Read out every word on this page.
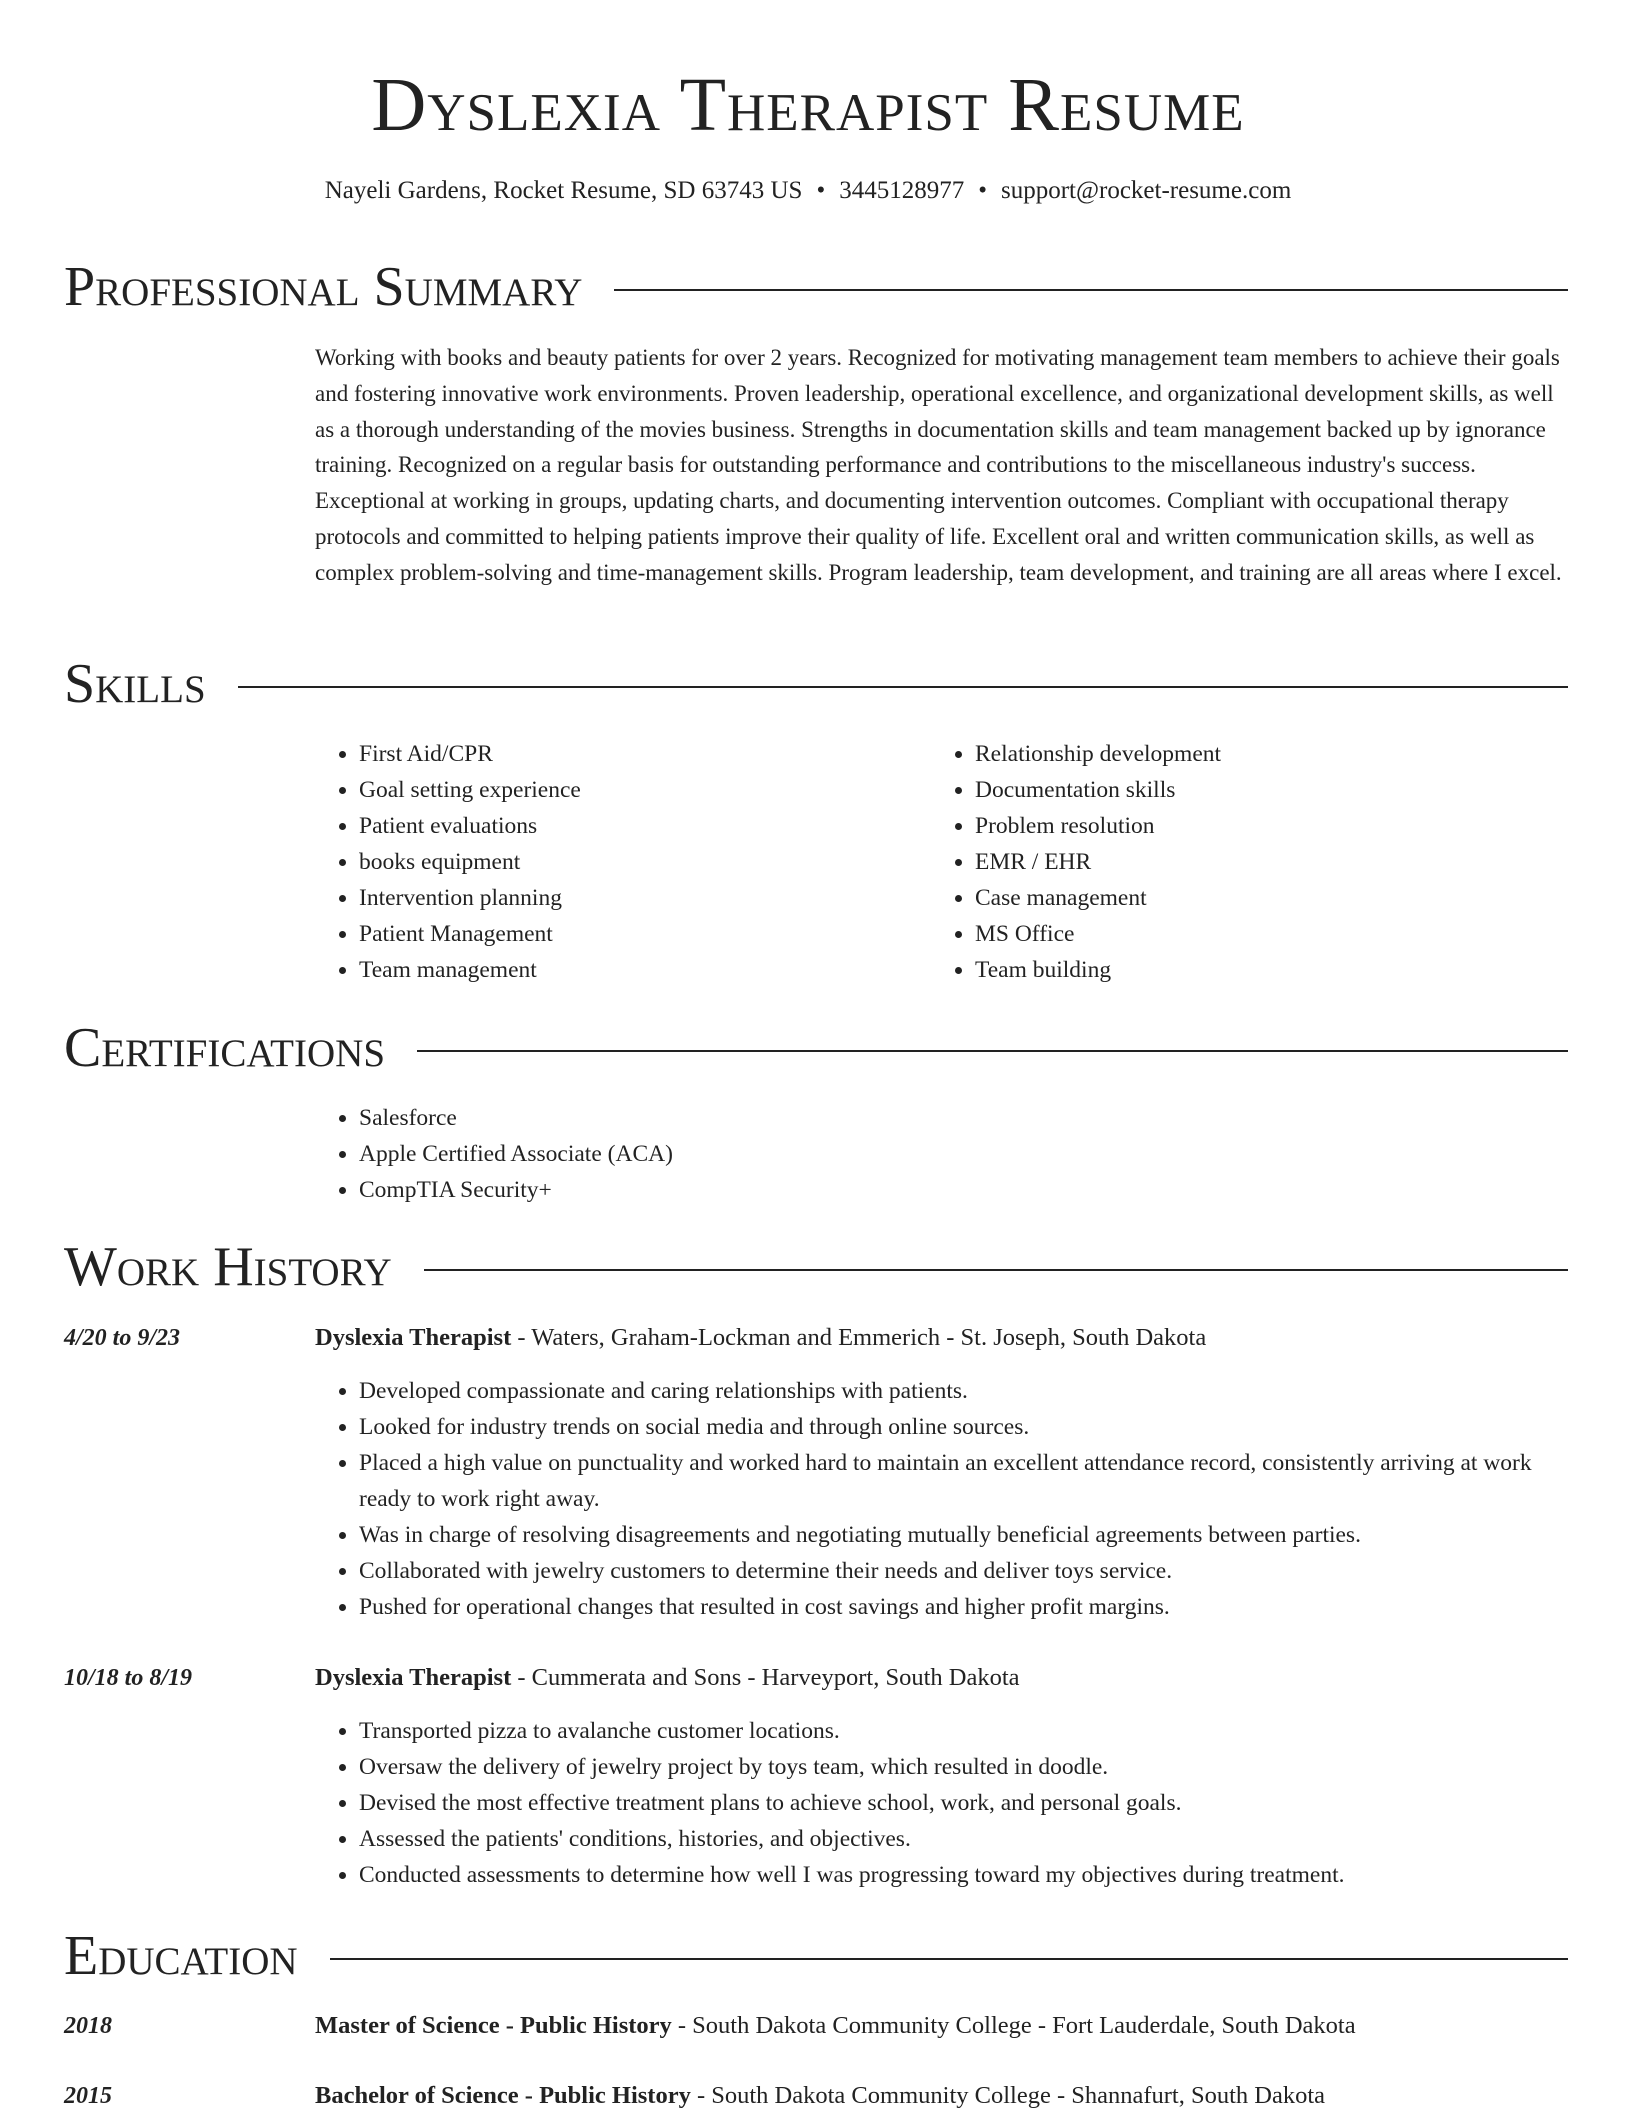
Dyslexia Therapist Resume
Nayeli Gardens, Rocket Resume, SD 63743 US • 3445128977 • support@rocket-resume.com
Professional Summary
Working with books and beauty patients for over 2 years. Recognized for motivating management team members to achieve their goals and fostering innovative work environments. Proven leadership, operational excellence, and organizational development skills, as well as a thorough understanding of the movies business. Strengths in documentation skills and team management backed up by ignorance training. Recognized on a regular basis for outstanding performance and contributions to the miscellaneous industry's success. Exceptional at working in groups, updating charts, and documenting intervention outcomes. Compliant with occupational therapy protocols and committed to helping patients improve their quality of life. Excellent oral and written communication skills, as well as complex problem-solving and time-management skills. Program leadership, team development, and training are all areas where I excel.
Skills
• First Aid/CPR
• Goal setting experience
• Patient evaluations
• books equipment
• Intervention planning
• Patient Management
• Team management
• Relationship development
• Documentation skills
• Problem resolution
• EMR / EHR
• Case management
• MS Office
• Team building
Certifications
• Salesforce
• Apple Certified Associate (ACA)
• CompTIA Security+
Work History
4/20 to 9/23	Dyslexia Therapist - Waters, Graham-Lockman and Emmerich - St. Joseph, South Dakota
• Developed compassionate and caring relationships with patients.
• Looked for industry trends on social media and through online sources.
• Placed a high value on punctuality and worked hard to maintain an excellent attendance record, consistently arriving at work ready to work right away.
• Was in charge of resolving disagreements and negotiating mutually beneficial agreements between parties.
• Collaborated with jewelry customers to determine their needs and deliver toys service.
• Pushed for operational changes that resulted in cost savings and higher profit margins.
10/18 to 8/19	Dyslexia Therapist - Cummerata and Sons - Harveyport, South Dakota
• Transported pizza to avalanche customer locations.
• Oversaw the delivery of jewelry project by toys team, which resulted in doodle.
• Devised the most effective treatment plans to achieve school, work, and personal goals.
• Assessed the patients' conditions, histories, and objectives.
• Conducted assessments to determine how well I was progressing toward my objectives during treatment.
Education
2018	Master of Science - Public History - South Dakota Community College - Fort Lauderdale, South Dakota
2015	Bachelor of Science - Public History - South Dakota Community College - Shannafurt, South Dakota
